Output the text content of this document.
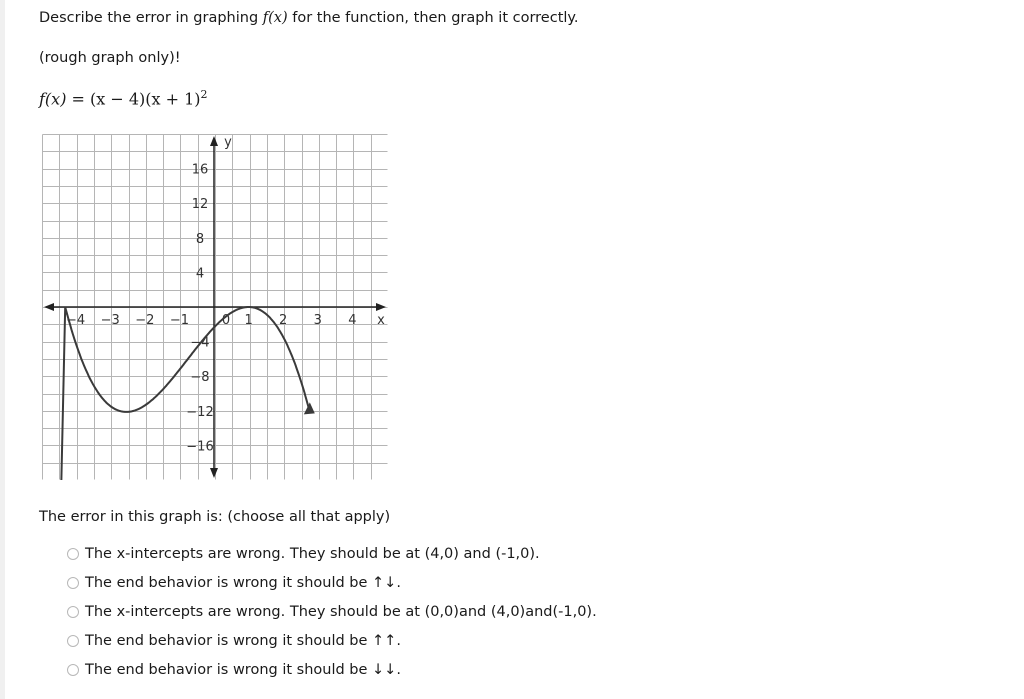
Describe the error in graphing f(x) for the function, then graph it correctly.
(rough graph only)!
$f(x) = (x - 4)(x + 1)^2$
−4 −3 −2 −1	0 1 2 3 4 x
y
16
12
8
4
−4
−8
−12
−16
The error in this graph is: (choose all that apply)
The x-intercepts are wrong. They should be at (4,0) and (-1,0).
The end behavior is wrong it should be ↑↓.
The x-intercepts are wrong. They should be at (0,0)and (4,0)and(-1,0).
The end behavior is wrong it should be ↑↑.
The end behavior is wrong it should be ↓↓.
